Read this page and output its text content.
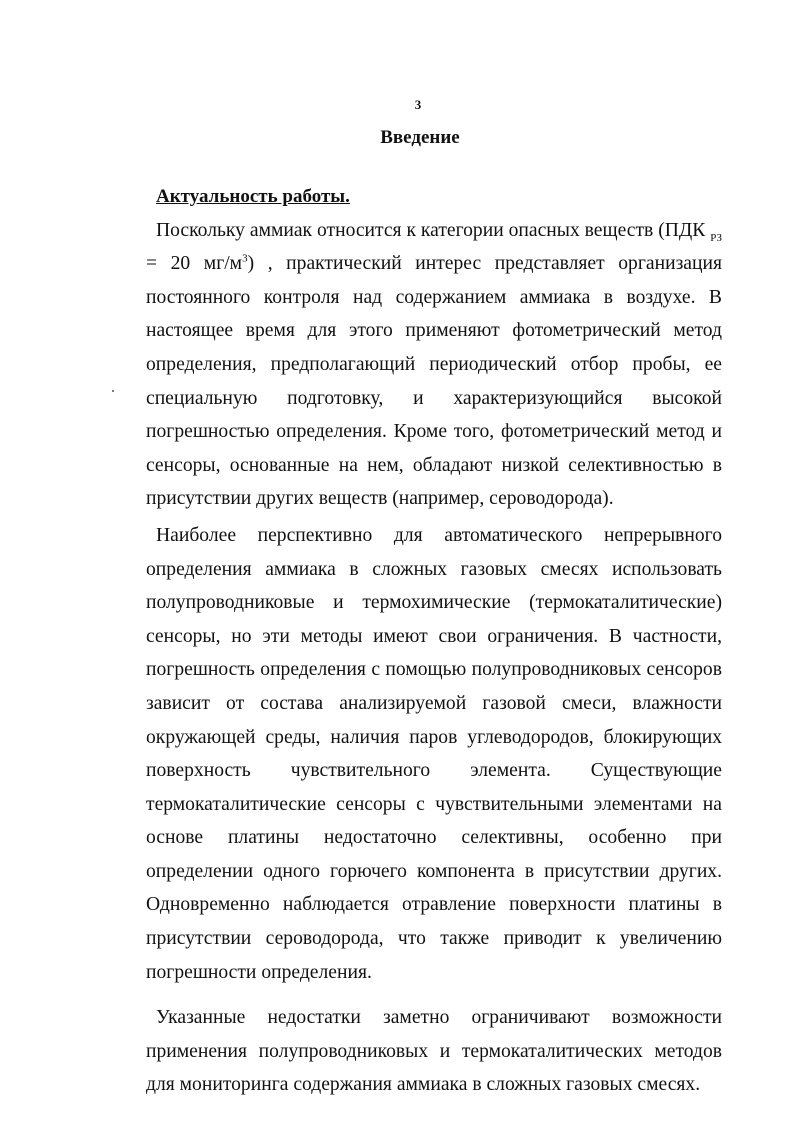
3
Введение

Актуальность работы.

Поскольку аммиак относится к категории опасных веществ (ПДК $_{РЗ}$ = 20 $мг/м^3$) , практический интерес представляет организация постоянного контроля над содержанием аммиака в воздухе. В настоящее время для этого применяют фотометрический метод определения, предполагающий периодический отбор пробы, ее специальную подготовку, и характеризующийся высокой погрешностью определения. Кроме того, фотометрический метод и сенсоры, основанные на нем, обладают низкой селективностью в присутствии других веществ (например, сероводорода).

Наиболее перспективно для автоматического непрерывного определения аммиака в сложных газовых смесях использовать полупроводниковые и термохимические (термокаталитические) сенсоры, но эти методы имеют свои ограничения. В частности, погрешность определения с помощью полупроводниковых сенсоров зависит от состава анализируемой газовой смеси, влажности окружающей среды, наличия паров углеводородов, блокирующих поверхность чувствительного элемента. Существующие термокаталитические сенсоры с чувствительными элементами на основе платины недостаточно селективны, особенно при определении одного горючего компонента в присутствии других. Одновременно наблюдается отравление поверхности платины в присутствии сероводорода, что также приводит к увеличению погрешности определения.

Указанные недостатки заметно ограничивают возможности применения полупроводниковых и термокаталитических методов для мониторинга содержания аммиака в сложных газовых смесях.
